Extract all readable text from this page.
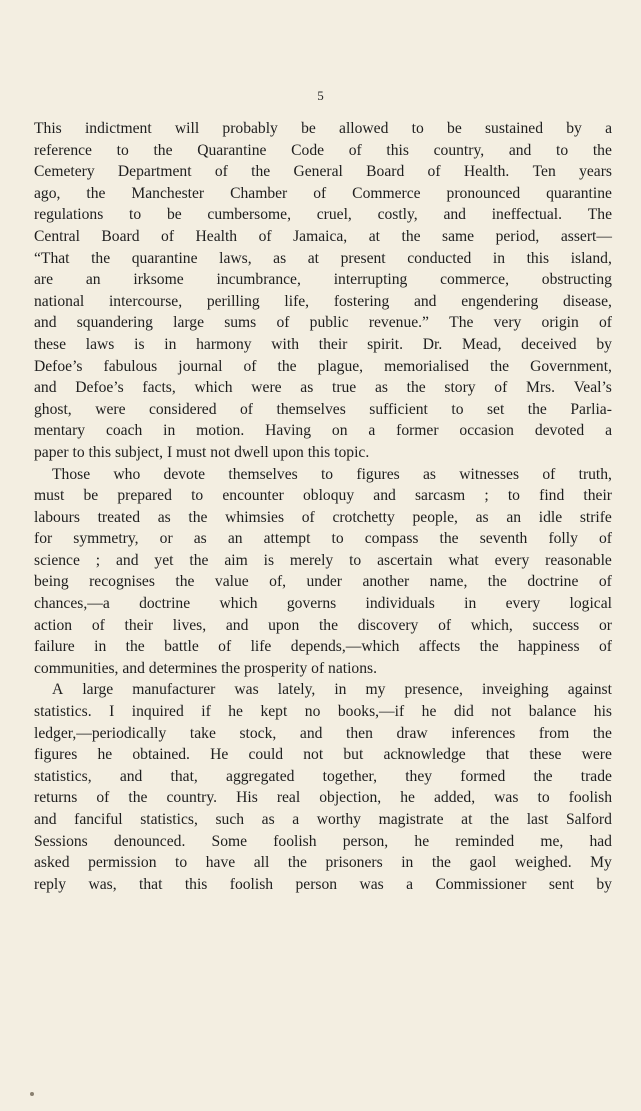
5
This indictment will probably be allowed to be sustained by a
reference to the Quarantine Code of this country, and to the
Cemetery Department of the General Board of Health. Ten years
ago, the Manchester Chamber of Commerce pronounced quarantine
regulations to be cumbersome, cruel, costly, and ineffectual. The
Central Board of Health of Jamaica, at the same period, assert—
“That the quarantine laws, as at present conducted in this island,
are an irksome incumbrance, interrupting commerce, obstructing
national intercourse, perilling life, fostering and engendering disease,
and squandering large sums of public revenue.” The very origin of
these laws is in harmony with their spirit. Dr. Mead, deceived by
Defoe’s fabulous journal of the plague, memorialised the Government,
and Defoe’s facts, which were as true as the story of Mrs. Veal’s
ghost, were considered of themselves sufficient to set the Parlia-
mentary coach in motion. Having on a former occasion devoted a
paper to this subject, I must not dwell upon this topic.
Those who devote themselves to figures as witnesses of truth,
must be prepared to encounter obloquy and sarcasm ; to find their
labours treated as the whimsies of crotchetty people, as an idle strife
for symmetry, or as an attempt to compass the seventh folly of
science ; and yet the aim is merely to ascertain what every reasonable
being recognises the value of, under another name, the doctrine of
chances,—a doctrine which governs individuals in every logical
action of their lives, and upon the discovery of which, success or
failure in the battle of life depends,—which affects the happiness of
communities, and determines the prosperity of nations.
A large manufacturer was lately, in my presence, inveighing against
statistics. I inquired if he kept no books,—if he did not balance his
ledger,—periodically take stock, and then draw inferences from the
figures he obtained. He could not but acknowledge that these were
statistics, and that, aggregated together, they formed the trade
returns of the country. His real objection, he added, was to foolish
and fanciful statistics, such as a worthy magistrate at the last Salford
Sessions denounced. Some foolish person, he reminded me, had
asked permission to have all the prisoners in the gaol weighed. My
reply was, that this foolish person was a Commissioner sent by
